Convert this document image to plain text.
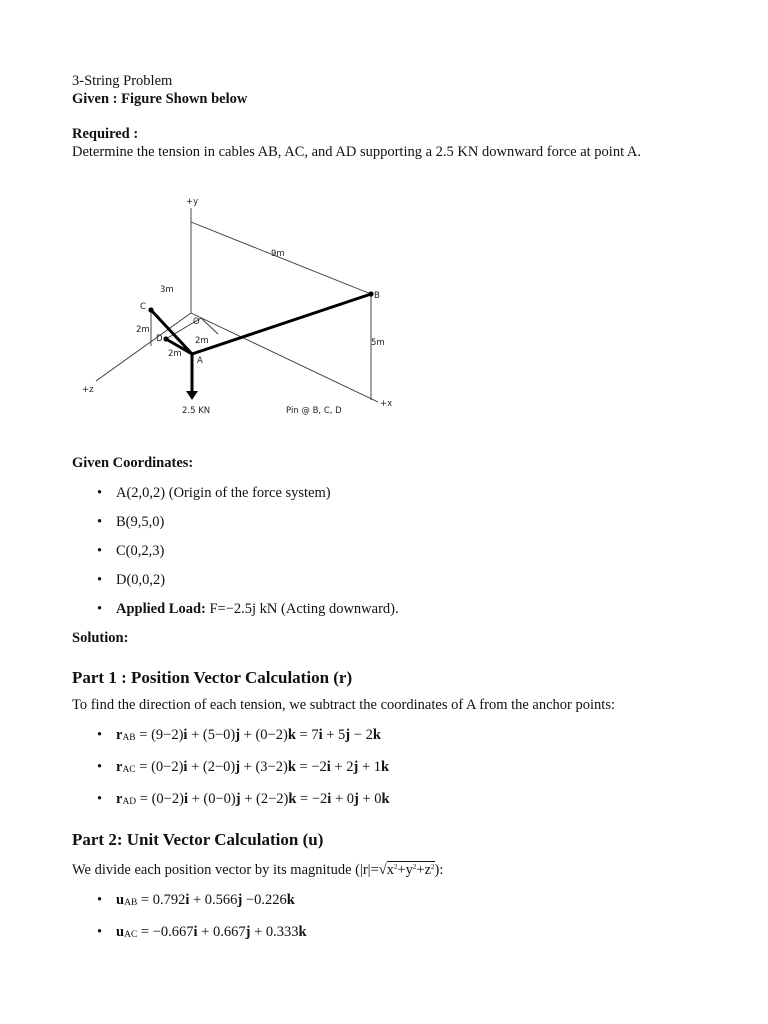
3-String Problem

Given : Figure Shown below

Required :

Determine the tension in cables AB, AC, and AD supporting a 2.5 KN downward force at point A.

+y
9m
3m
C
O
B
2m
D	2m
2m
A
5m
+z
+x
2.5 KN	Pin @ B, C, D

Given Coordinates:

• A(2,0,2) (Origin of the force system)
• B(9,5,0)
• C(0,2,3)
• D(0,0,2)
• Applied Load: F=−2.5j kN (Acting downward).

Solution:

Part 1 : Position Vector Calculation (r)

To find the direction of each tension, we subtract the coordinates of A from the anchor points:

• $r_{AB} = (9-2)i + (5-0)j + (0-2)k = 7i + 5j - 2k$
• $r_{AC} = (0-2)i + (2-0)j + (3-2)k = -2i + 2j + 1k$
• $r_{AD} = (0-2)i + (0-0)j + (2-2)k = -2i + 0j + 0k$

Part 2: Unit Vector Calculation (u)

We divide each position vector by its magnitude $(|r|=√x^2+y^2+z^2)$:

• $u_{AB} = 0.792i + 0.566j -0.226k$
• $u_{AC} = -0.667i + 0.667j + 0.333k$
